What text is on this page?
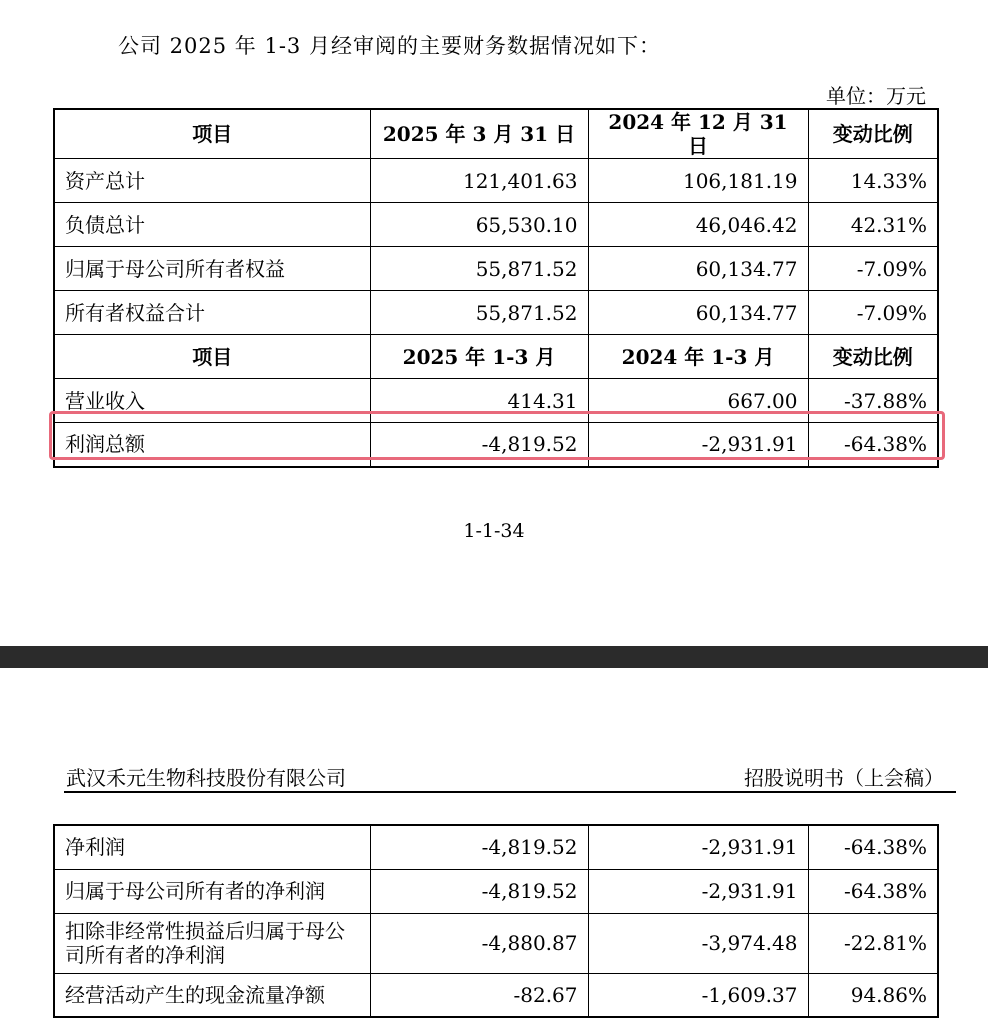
公司 2025 年 1-3 月经审阅的主要财务数据情况如下：
单位：万元
项目	2025 年 3 月 31 日	2024 年 12 月 31 日	变动比例
资产总计	121,401.63	106,181.19	14.33%
负债总计	65,530.10	46,046.42	42.31%
归属于母公司所有者权益	55,871.52	60,134.77	-7.09%
所有者权益合计	55,871.52	60,134.77	-7.09%
项目	2025 年 1-3 月	2024 年 1-3 月	变动比例
营业收入	414.31	667.00	-37.88%
利润总额	-4,819.52	-2,931.91	-64.38%
1-1-34
武汉禾元生物科技股份有限公司	招股说明书（上会稿）
净利润	-4,819.52	-2,931.91	-64.38%
归属于母公司所有者的净利润	-4,819.52	-2,931.91	-64.38%
扣除非经常性损益后归属于母公司所有者的净利润	-4,880.87	-3,974.48	-22.81%
经营活动产生的现金流量净额	-82.67	-1,609.37	94.86%
